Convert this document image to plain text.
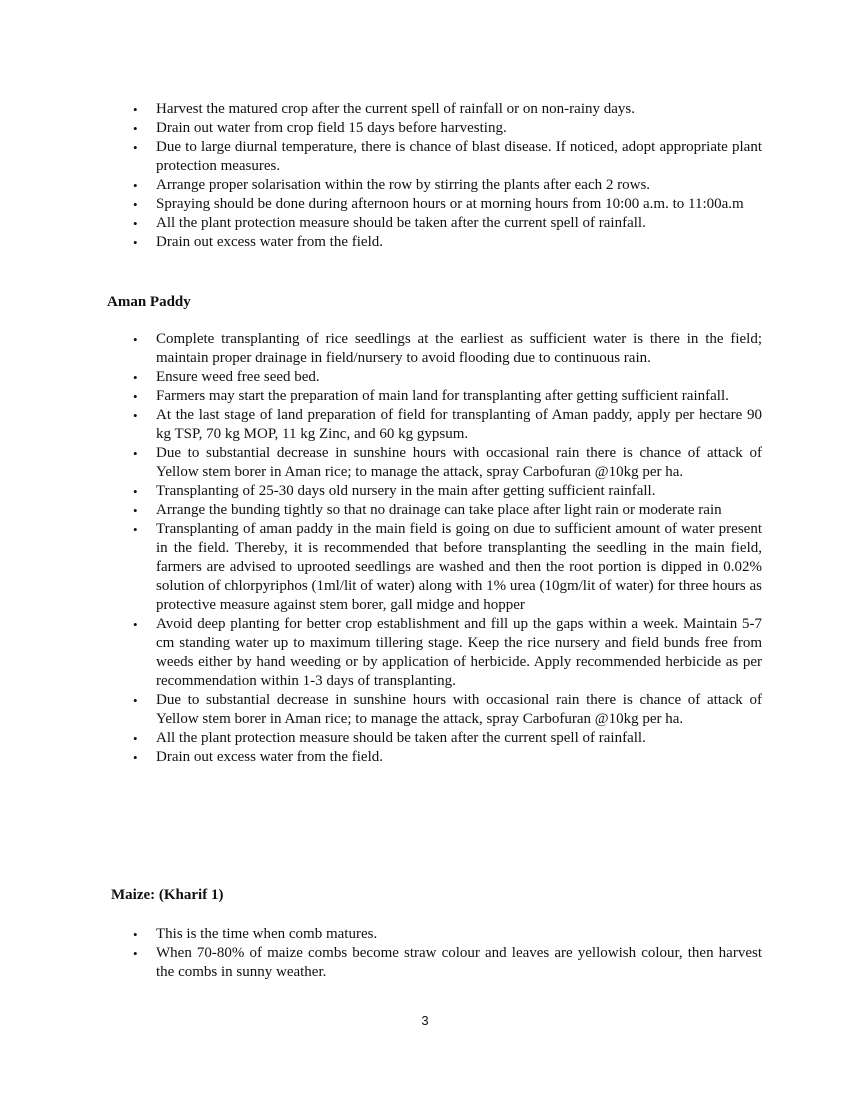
• Harvest the matured crop after the current spell of rainfall or on non-rainy days.
• Drain out water from crop field 15 days before harvesting.
• Due to large diurnal temperature, there is chance of blast disease. If noticed, adopt appropriate plant protection measures.
• Arrange proper solarisation within the row by stirring the plants after each 2 rows.
• Spraying should be done during afternoon hours or at morning hours from 10:00 a.m. to 11:00a.m
• All the plant protection measure should be taken after the current spell of rainfall.
• Drain out excess water from the field.
Aman Paddy
• Complete transplanting of rice seedlings at the earliest as sufficient water is there in the field; maintain proper drainage in field/nursery to avoid flooding due to continuous rain.
• Ensure weed free seed bed.
• Farmers may start the preparation of main land for transplanting after getting sufficient rainfall.
• At the last stage of land preparation of field for transplanting of Aman paddy, apply per hectare 90 kg TSP, 70 kg MOP, 11 kg Zinc, and 60 kg gypsum.
• Due to substantial decrease in sunshine hours with occasional rain there is chance of attack of Yellow stem borer in Aman rice; to manage the attack, spray Carbofuran @10kg per ha.
• Transplanting of 25-30 days old nursery in the main after getting sufficient rainfall.
• Arrange the bunding tightly so that no drainage can take place after light rain or moderate rain
• Transplanting of aman paddy in the main field is going on due to sufficient amount of water present in the field. Thereby, it is recommended that before transplanting the seedling in the main field, farmers are advised to uprooted seedlings are washed and then the root portion is dipped in 0.02% solution of chlorpyriphos (1ml/lit of water) along with 1% urea (10gm/lit of water) for three hours as protective measure against stem borer, gall midge and hopper
• Avoid deep planting for better crop establishment and fill up the gaps within a week. Maintain 5-7 cm standing water up to maximum tillering stage. Keep the rice nursery and field bunds free from weeds either by hand weeding or by application of herbicide. Apply recommended herbicide as per recommendation within 1-3 days of transplanting.
• Due to substantial decrease in sunshine hours with occasional rain there is chance of attack of Yellow stem borer in Aman rice; to manage the attack, spray Carbofuran @10kg per ha.
• All the plant protection measure should be taken after the current spell of rainfall.
• Drain out excess water from the field.
Maize: (Kharif 1)
• This is the time when comb matures.
• When 70-80% of maize combs become straw colour and leaves are yellowish colour, then harvest the combs in sunny weather.
3
